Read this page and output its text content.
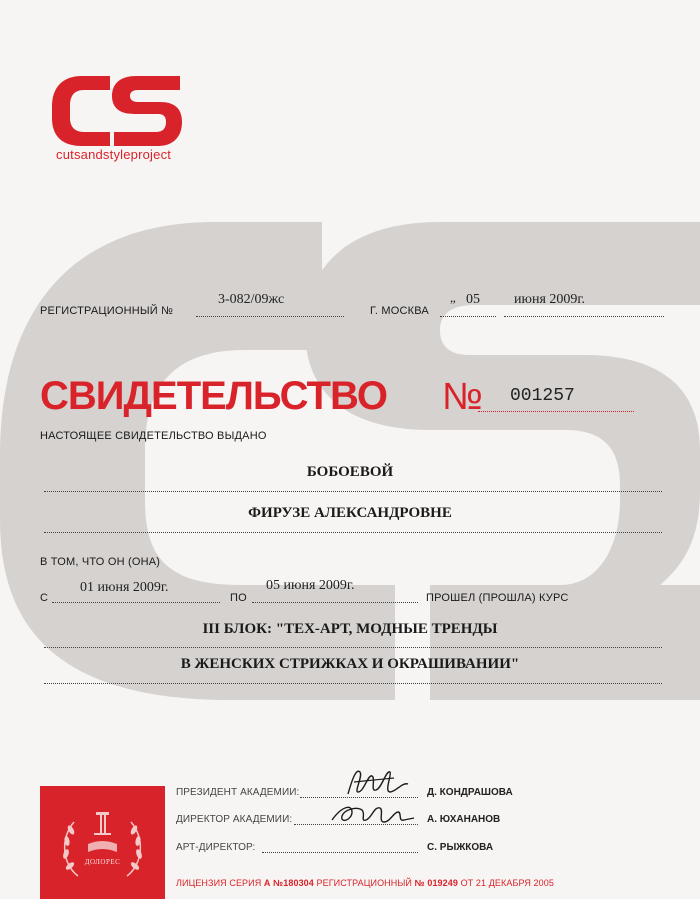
cutsandstyleproject
РЕГИСТРАЦИОННЫЙ №
3-082/09жс
Г. МОСКВА
„ 05 июня 2009г.
СВИДЕТЕЛЬСТВО № 001257
НАСТОЯЩЕЕ СВИДЕТЕЛЬСТВО ВЫДАНО
БОБОЕВОЙ
ФИРУЗЕ АЛЕКСАНДРОВНЕ
В ТОМ, ЧТО ОН (ОНА)
С
01 июня 2009г.
ПО
05 июня 2009г.
ПРОШЕЛ (ПРОШЛА) КУРС
III БЛОК: "ТЕХ-АРТ, МОДНЫЕ ТРЕНДЫ
В ЖЕНСКИХ СТРИЖКАХ И ОКРАШИВАНИИ"
ДОЛОРЕС
ПРЕЗИДЕНТ АКАДЕМИИ:	Д. КОНДРАШОВА
ДИРЕКТОР АКАДЕМИИ:	А. ЮХАНАНОВ
АРТ-ДИРЕКТОР:	С. РЫЖКОВА
ЛИЦЕНЗИЯ СЕРИЯ А №180304 РЕГИСТРАЦИОННЫЙ № 019249 ОТ 21 ДЕКАБРЯ 2005
